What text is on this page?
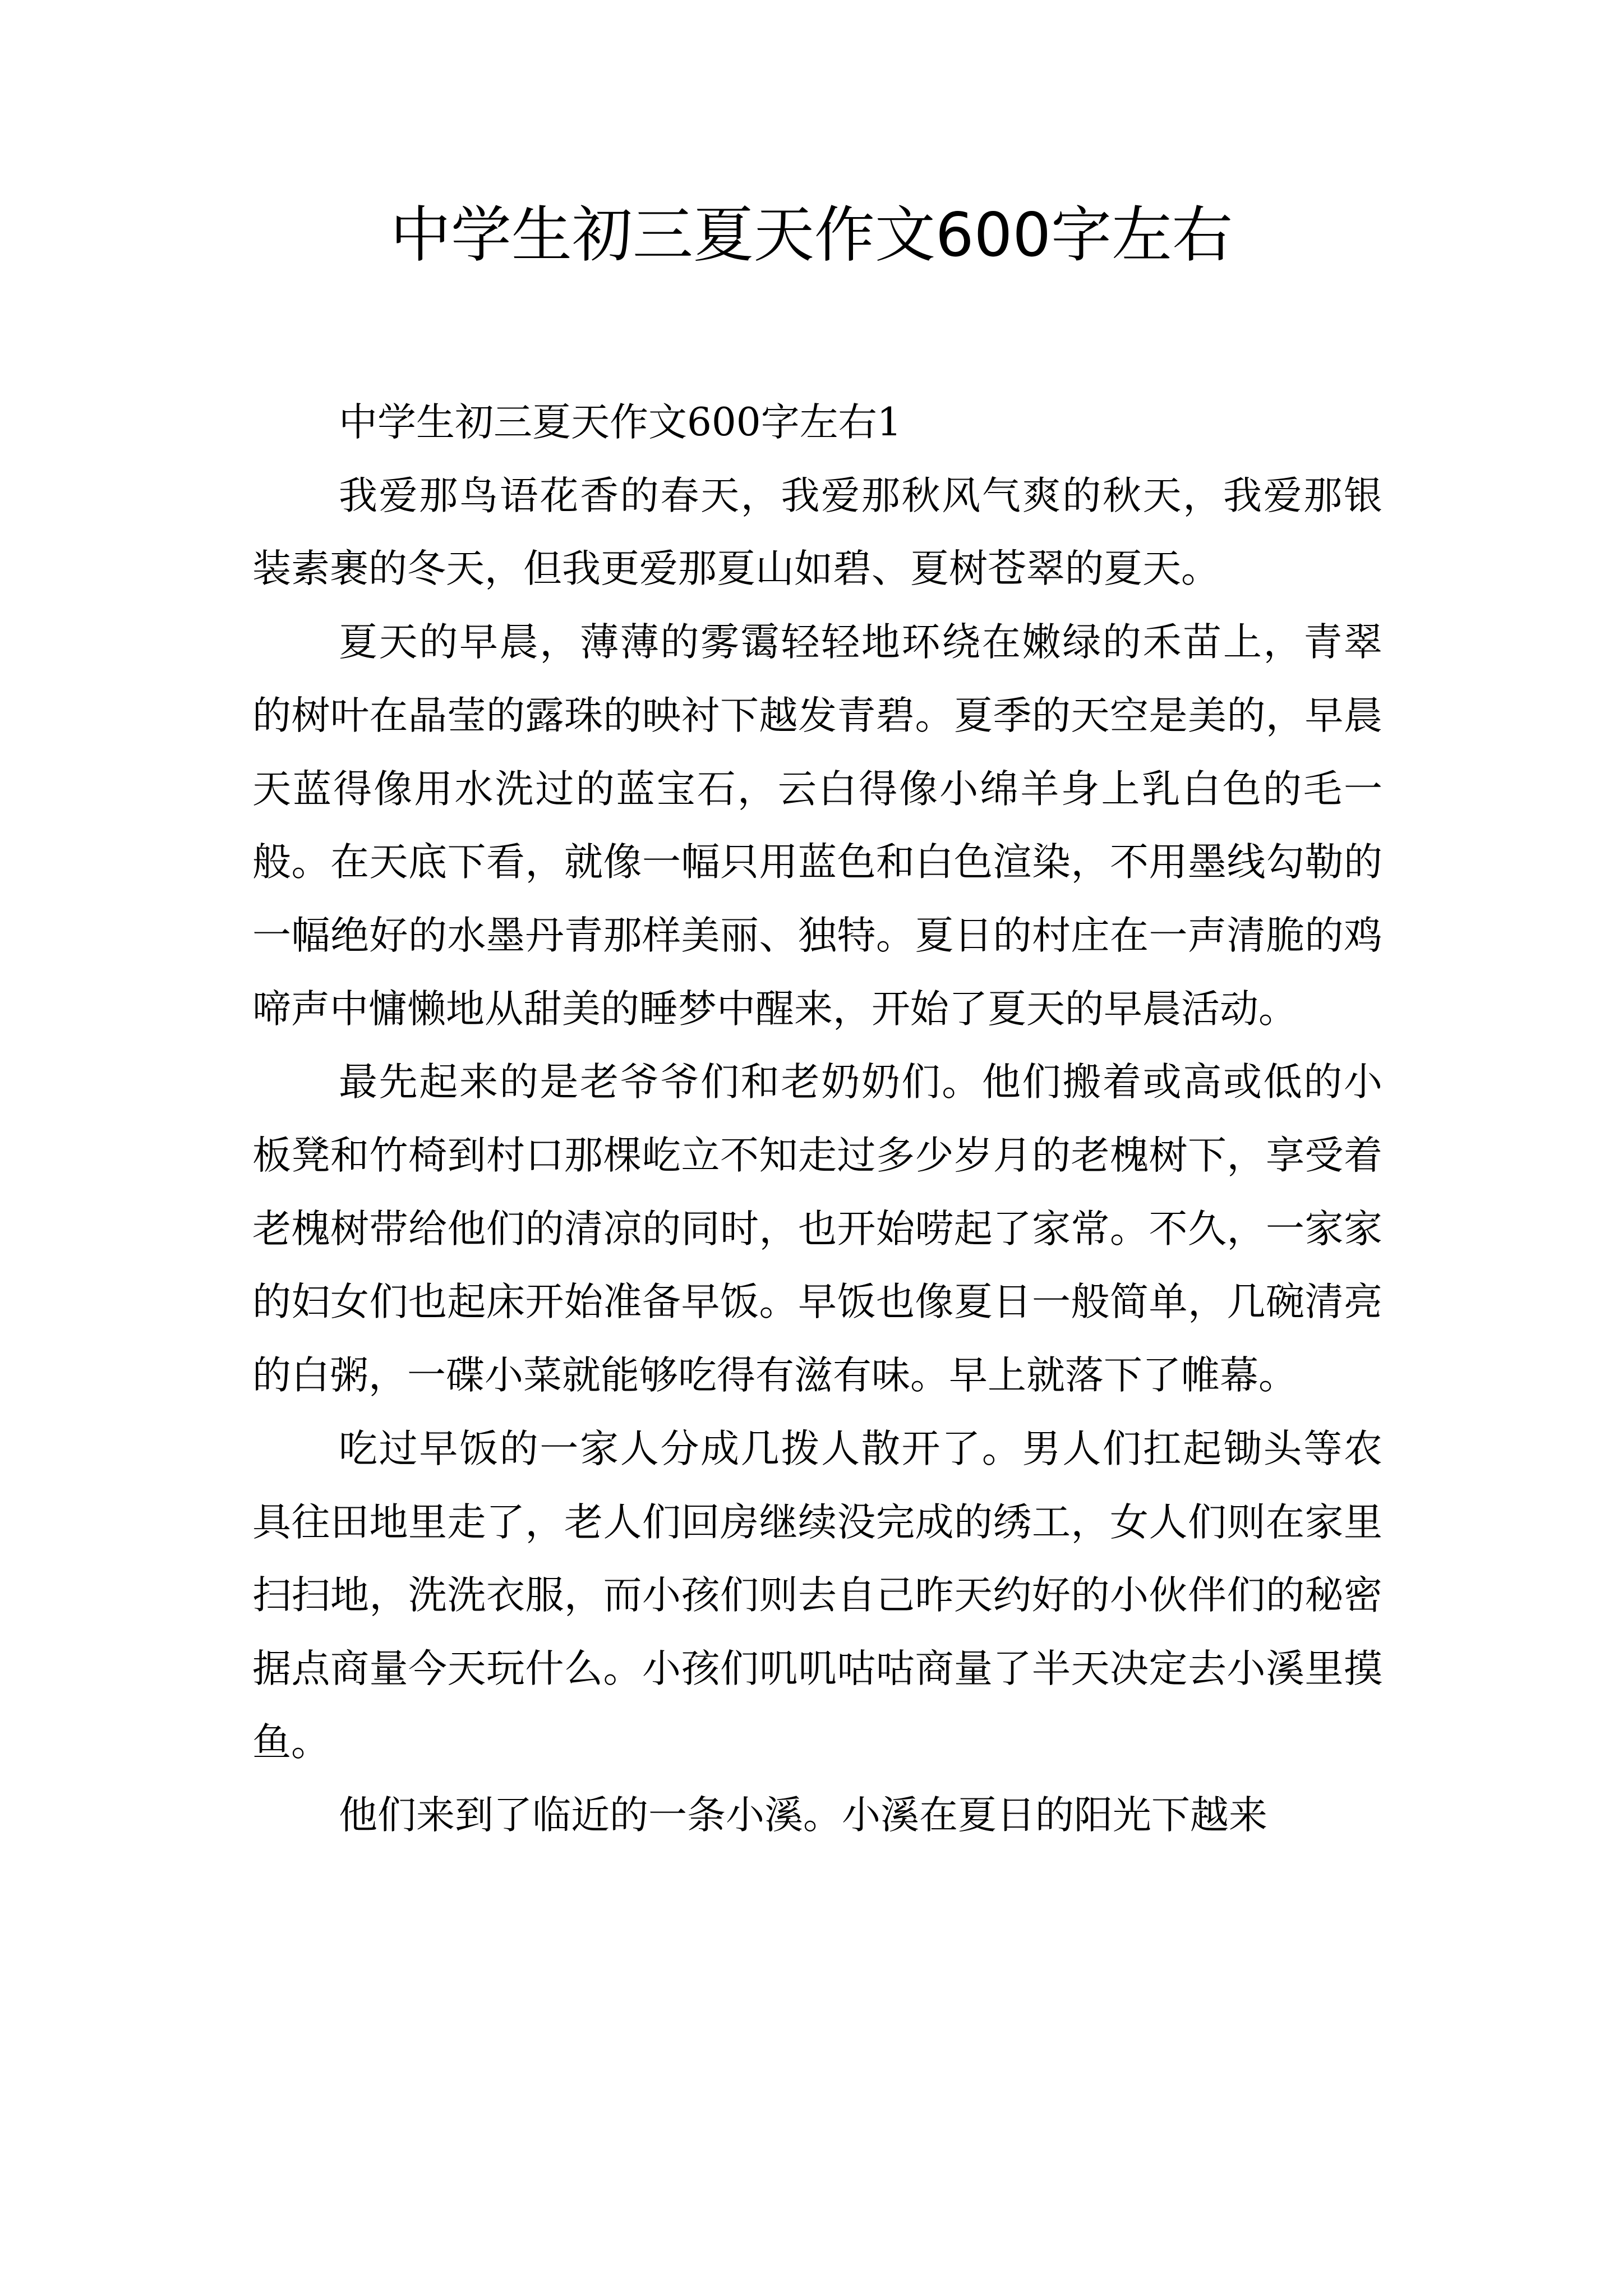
中学生初三夏天作文600字左右

中学生初三夏天作文600字左右1

我爱那鸟语花香的春天，我爱那秋风气爽的秋天，我爱那银装素裹的冬天，但我更爱那夏山如碧、夏树苍翠的夏天。

夏天的早晨，薄薄的雾霭轻轻地环绕在嫩绿的禾苗上，青翠的树叶在晶莹的露珠的映衬下越发青碧。夏季的天空是美的，早晨天蓝得像用水洗过的蓝宝石，云白得像小绵羊身上乳白色的毛一般。在天底下看，就像一幅只用蓝色和白色渲染，不用墨线勾勒的一幅绝好的水墨丹青那样美丽、独特。夏日的村庄在一声清脆的鸡啼声中慵懒地从甜美的睡梦中醒来，开始了夏天的早晨活动。

最先起来的是老爷爷们和老奶奶们。他们搬着或高或低的小板凳和竹椅到村口那棵屹立不知走过多少岁月的老槐树下，享受着老槐树带给他们的清凉的同时，也开始唠起了家常。不久，一家家的妇女们也起床开始准备早饭。早饭也像夏日一般简单，几碗清亮的白粥，一碟小菜就能够吃得有滋有味。早上就落下了帷幕。

吃过早饭的一家人分成几拨人散开了。男人们扛起锄头等农具往田地里走了，老人们回房继续没完成的绣工，女人们则在家里扫扫地，洗洗衣服，而小孩们则去自己昨天约好的小伙伴们的秘密据点商量今天玩什么。小孩们叽叽咕咕商量了半天决定去小溪里摸鱼。

他们来到了临近的一条小溪。小溪在夏日的阳光下越来
